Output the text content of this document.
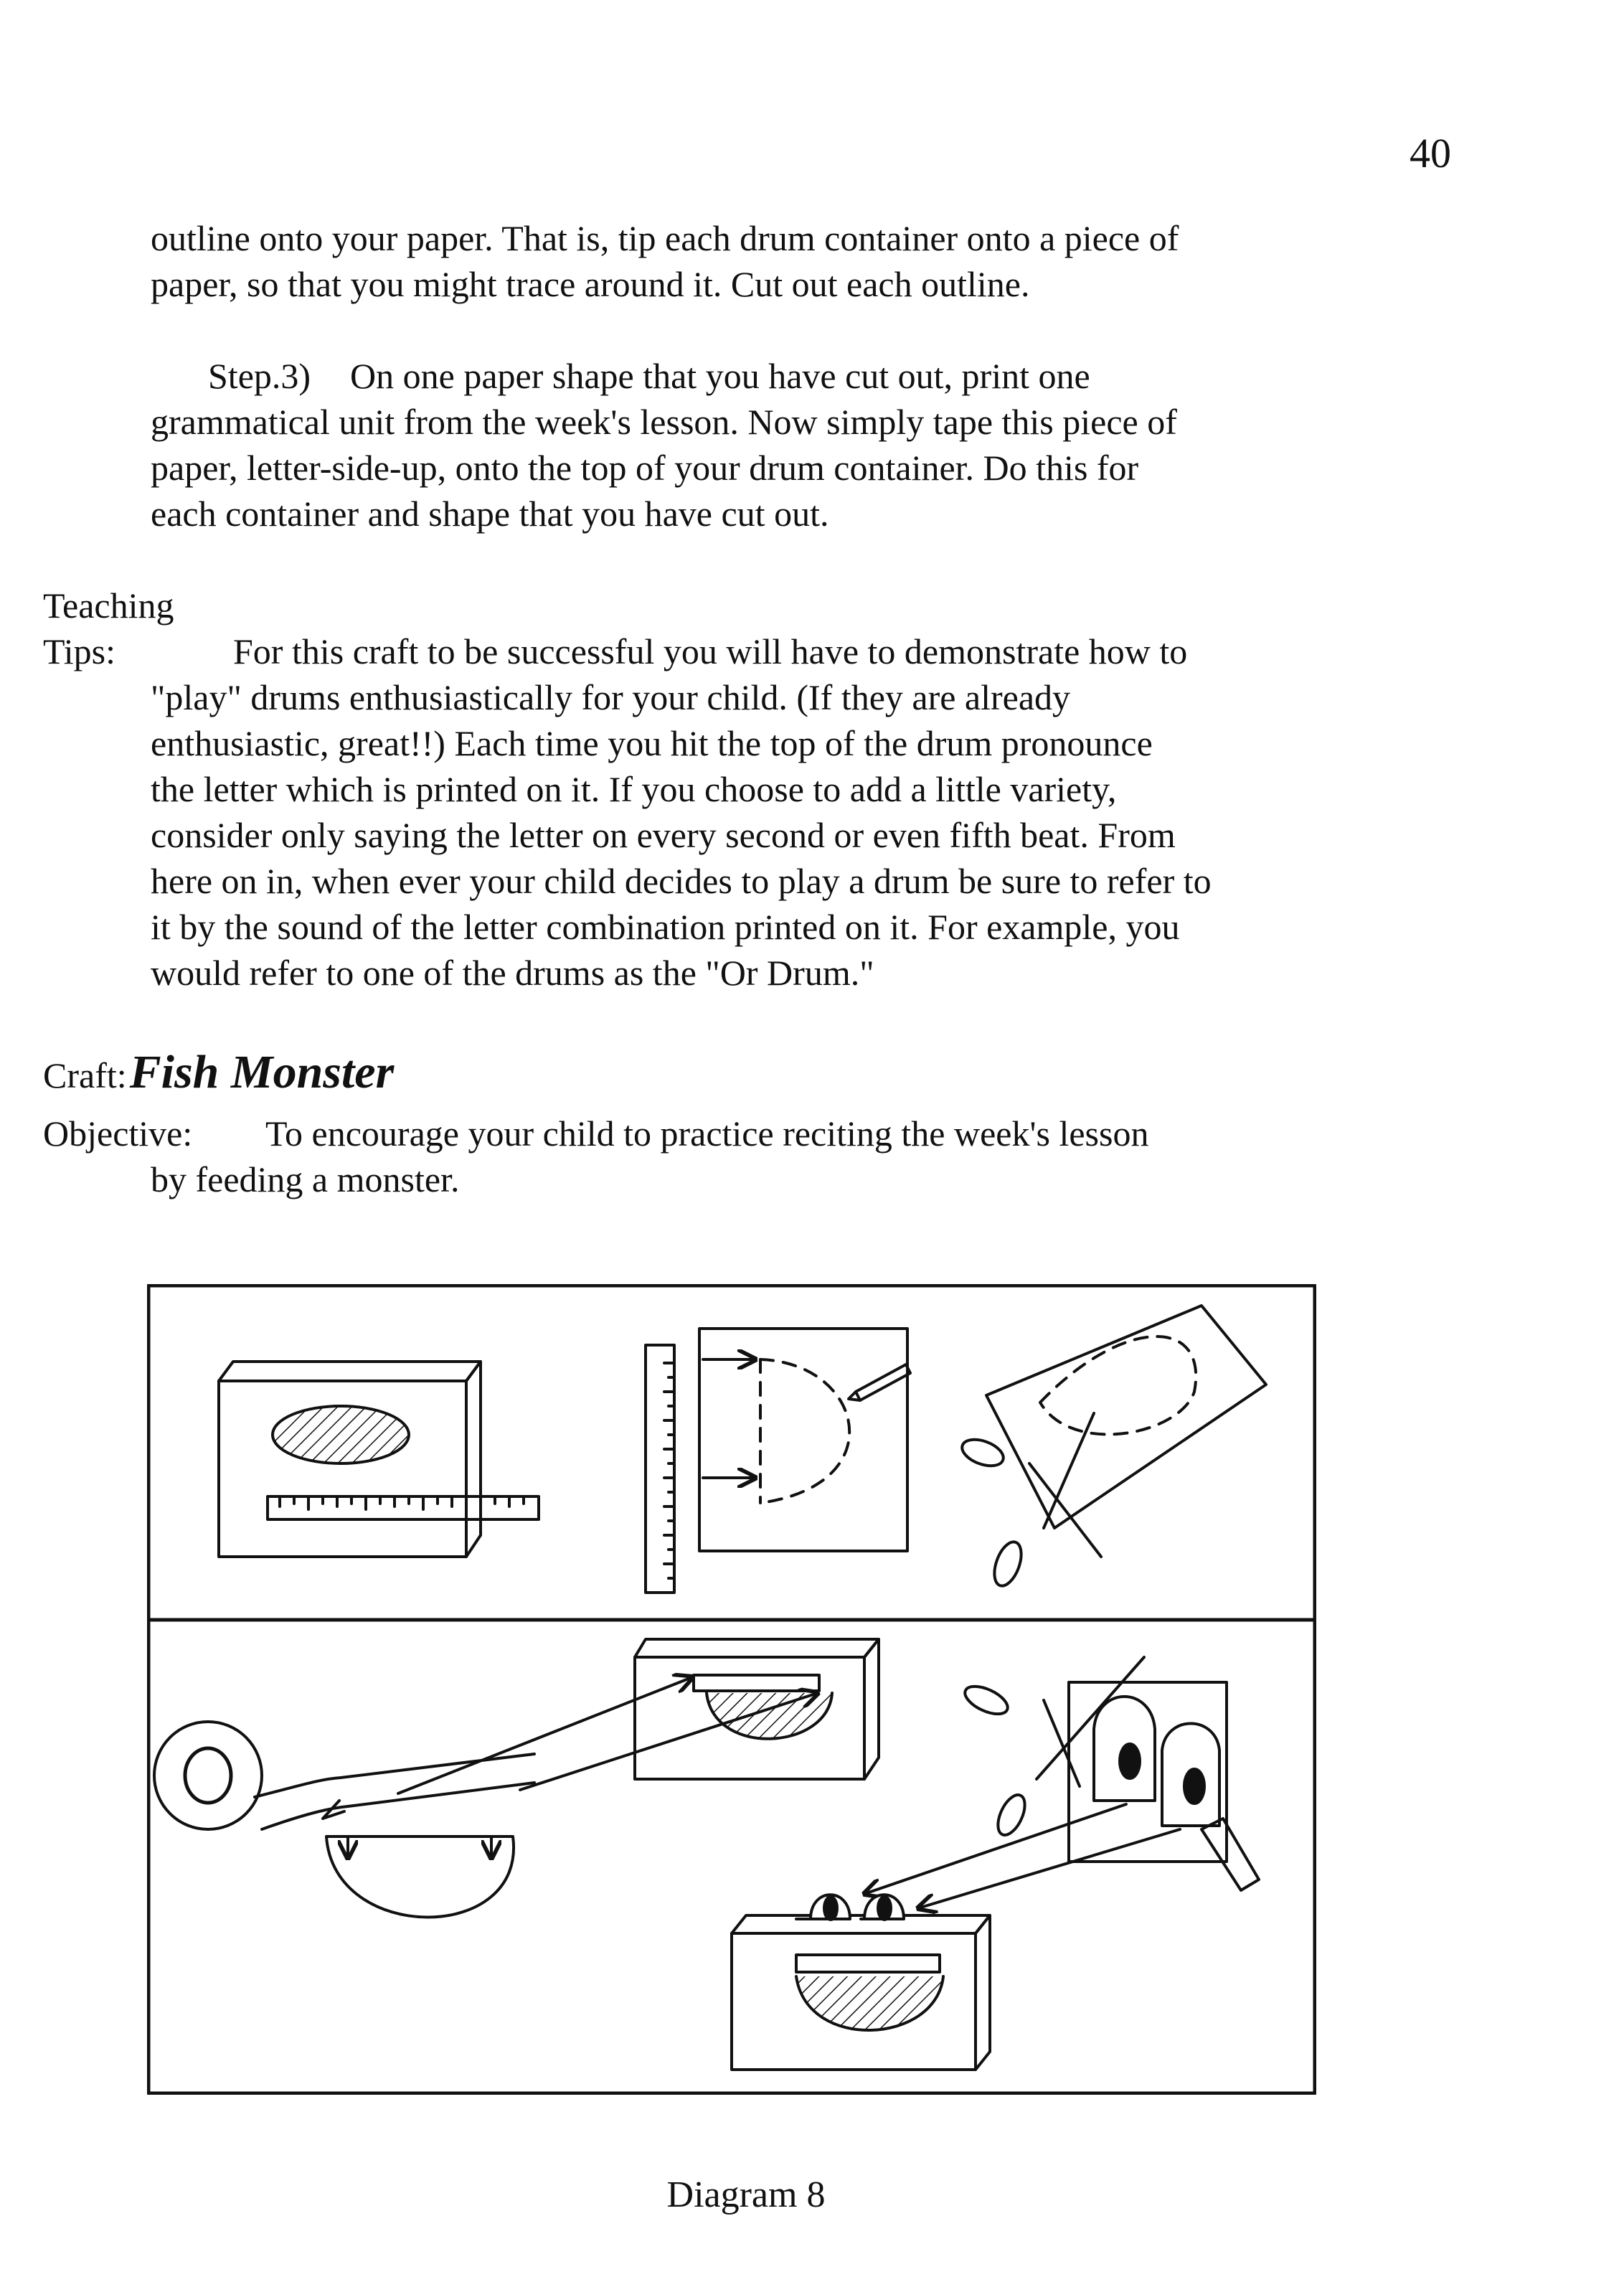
40
outline onto your paper. That is, tip each drum container onto a piece of
paper, so that you might trace around it. Cut out each outline.
Step.3) On one paper shape that you have cut out, print one
grammatical unit from the week's lesson. Now simply tape this piece of
paper, letter-side-up, onto the top of your drum container. Do this for
each container and shape that you have cut out.
Teaching
Tips:	For this craft to be successful you will have to demonstrate how to
"play" drums enthusiastically for your child. (If they are already
enthusiastic, great!!) Each time you hit the top of the drum pronounce
the letter which is printed on it. If you choose to add a little variety,
consider only saying the letter on every second or even fifth beat. From
here on in, when ever your child decides to play a drum be sure to refer to
it by the sound of the letter combination printed on it. For example, you
would refer to one of the drums as the "Or Drum."
Craft: Fish Monster
Objective:	To encourage your child to practice reciting the week's lesson
by feeding a monster.
Diagram 8
